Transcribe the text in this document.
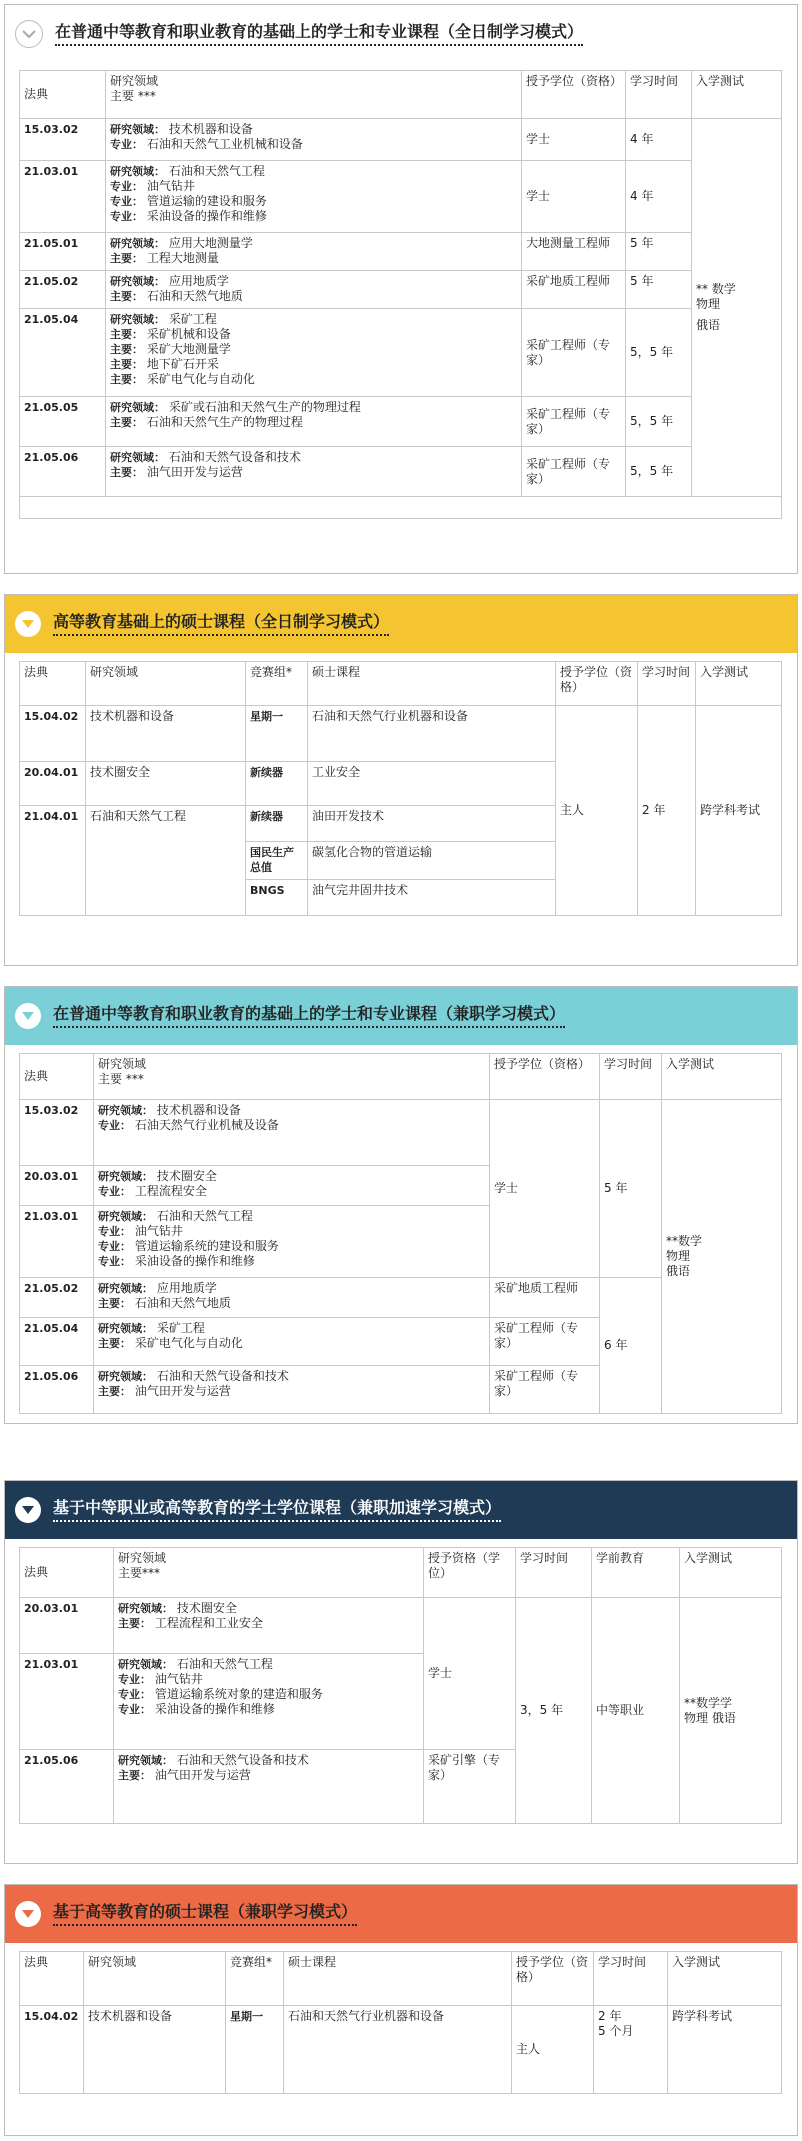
在普通中等教育和职业教育的基础上的学士和专业课程（全日制学习模式）
法典	研究领域
主要 ***	授予学位（资格）	学习时间	入学测试
15.03.02	研究领域： 技术机器和设备
专业： 石油和天然气工业机械和设备	学士	4 年	** 数学
物理
俄语

21.03.01	研究领域： 石油和天然气工程
专业： 油气钻井
专业： 管道运输的建设和服务
专业： 采油设备的操作和维修	学士	4 年	
21.05.01	研究领域： 应用大地测量学
主要： 工程大地测量	大地测量工程师	5 年	
21.05.02	研究领域： 应用地质学
主要： 石油和天然气地质	采矿地质工程师	5 年	
21.05.04	研究领域： 采矿工程
主要： 采矿机械和设备
主要： 采矿大地测量学
主要： 地下矿石开采
主要： 采矿电气化与自动化	采矿工程师（专家）	5，5 年	
21.05.05	研究领域： 采矿或石油和天然气生产的物理过程
主要： 石油和天然气生产的物理过程	采矿工程师（专家）	5，5 年	
21.05.06	研究领域： 石油和天然气设备和技术
主要： 油气田开发与运营	采矿工程师（专家）	5，5 年	

高等教育基础上的硕士课程（全日制学习模式）
法典	研究领域	竞赛组*	硕士课程	授予学位（资格）	学习时间	入学测试
15.04.02	技术机器和设备	星期一	石油和天然气行业机器和设备	主人	2 年	跨学科考试
20.04.01	技术圈安全	新续器	工业安全			
21.04.01	石油和天然气工程	新续器	油田开发技术			
		国民生产总值	碳氢化合物的管道运输			
		BNGS	油气完井固井技术			
在普通中等教育和职业教育的基础上的学士和专业课程（兼职学习模式）
法典	研究领域
主要 ***	授予学位（资格）	学习时间	入学测试
15.03.02	研究领域： 技术机器和设备
专业： 石油天然气行业机械及设备	学士	5 年	**数学
物理
俄语

20.03.01	研究领域： 技术圈安全
专业： 工程流程安全			

21.03.01	研究领域： 石油和天然气工程
专业： 油气钻井
专业： 管道运输系统的建设和服务
专业： 采油设备的操作和维修			

21.05.02	研究领域： 应用地质学
主要： 石油和天然气地质	采矿地质工程师	6 年	
21.05.04	研究领域： 采矿工程
主要： 采矿电气化与自动化	采矿工程师（专家）		
21.05.06	研究领域： 石油和天然气设备和技术
主要： 油气田开发与运营	采矿工程师（专家）		
基于中等职业或高等教育的学士学位课程（兼职加速学习模式）
法典	研究领域
主要***	授予资格（学位）	学习时间	学前教育	入学测试
20.03.01	研究领域： 技术圈安全
主要： 工程流程和工业安全	学士	3，5 年	中等职业	**数学学
物理 俄语

21.03.01	研究领域： 石油和天然气工程
专业： 油气钻井
专业： 管道运输系统对象的建造和服务
专业： 采油设备的操作和维修				

21.05.06	研究领域： 石油和天然气设备和技术
主要： 油气田开发与运营	采矿引擎（专家）			
基于高等教育的硕士课程（兼职学习模式）
法典	研究领域	竞赛组*	硕士课程	授予学位（资格）	学习时间	入学测试
15.04.02	技术机器和设备	星期一	石油和天然气行业机器和设备	主人	2 年
5 个月	跨学科考试
